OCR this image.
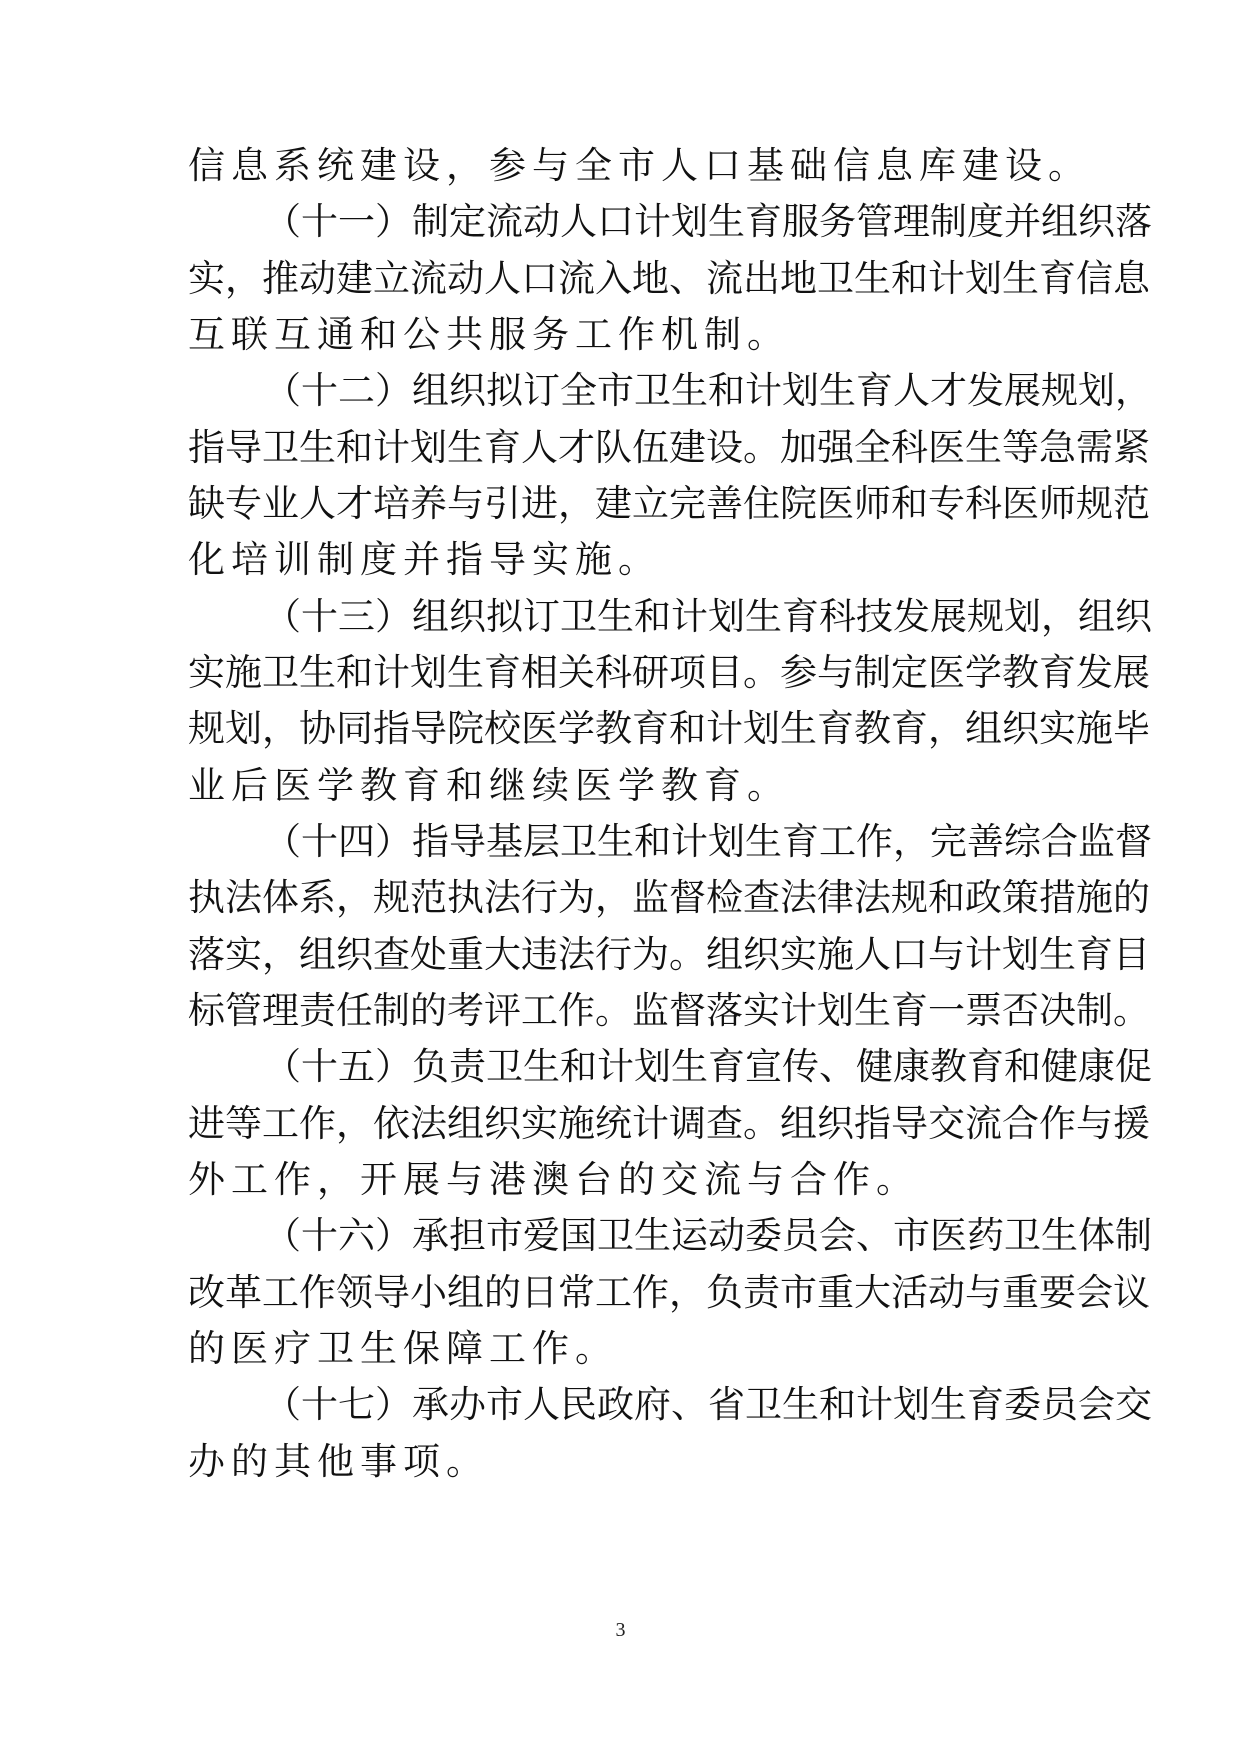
信息系统建设，参与全市人口基础信息库建设。
（十一）制定流动人口计划生育服务管理制度并组织落
实，推动建立流动人口流入地、流出地卫生和计划生育信息
互联互通和公共服务工作机制。
（十二）组织拟订全市卫生和计划生育人才发展规划，
指导卫生和计划生育人才队伍建设。加强全科医生等急需紧
缺专业人才培养与引进，建立完善住院医师和专科医师规范
化培训制度并指导实施。
（十三）组织拟订卫生和计划生育科技发展规划，组织
实施卫生和计划生育相关科研项目。参与制定医学教育发展
规划，协同指导院校医学教育和计划生育教育，组织实施毕
业后医学教育和继续医学教育。
（十四）指导基层卫生和计划生育工作，完善综合监督
执法体系，规范执法行为，监督检查法律法规和政策措施的
落实，组织查处重大违法行为。组织实施人口与计划生育目
标管理责任制的考评工作。监督落实计划生育一票否决制。
（十五）负责卫生和计划生育宣传、健康教育和健康促
进等工作，依法组织实施统计调查。组织指导交流合作与援
外工作，开展与港澳台的交流与合作。
（十六）承担市爱国卫生运动委员会、市医药卫生体制
改革工作领导小组的日常工作，负责市重大活动与重要会议
的医疗卫生保障工作。
（十七）承办市人民政府、省卫生和计划生育委员会交
办的其他事项。
3
